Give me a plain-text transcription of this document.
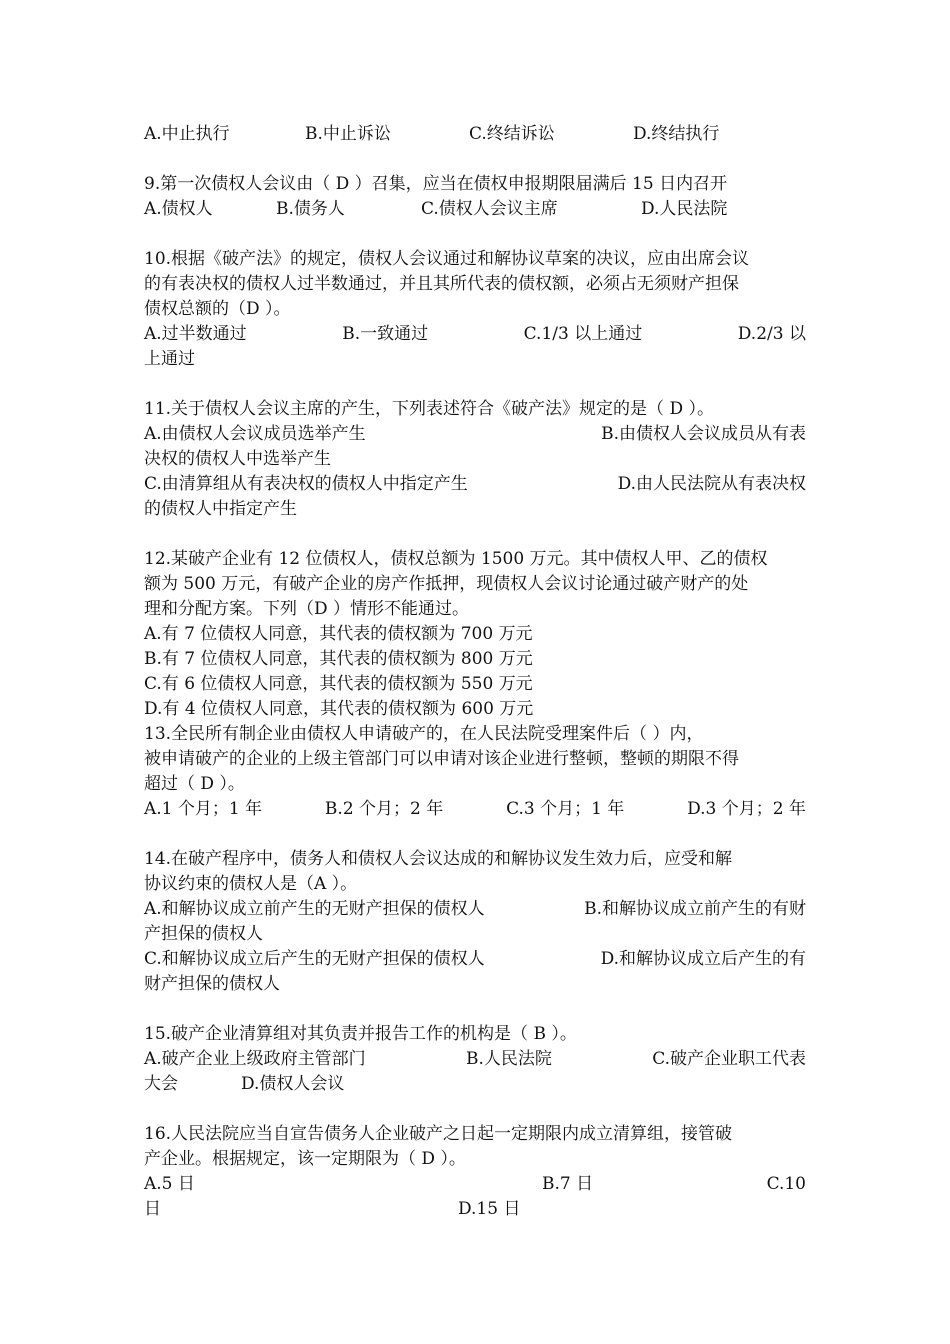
A.中止执行	B.中止诉讼	C.终结诉讼	D.终结执行
9.第一次债权人会议由（ D ）召集，应当在债权申报期限届满后 15 日内召开
A.债权人	B.债务人	C.债权人会议主席	D.人民法院
10.根据《破产法》的规定，债权人会议通过和解协议草案的决议，应由出席会议
的有表决权的债权人过半数通过，并且其所代表的债权额，必须占无须财产担保
债权总额的（D ）。
A.过半数通过	B.一致通过	C.1/3 以上通过	D.2/3 以
上通过
11.关于债权人会议主席的产生，下列表述符合《破产法》规定的是（ D ）。
A.由债权人会议成员选举产生	B.由债权人会议成员从有表
决权的债权人中选举产生
C.由清算组从有表决权的债权人中指定产生	D.由人民法院从有表决权
的债权人中指定产生
12.某破产企业有 12 位债权人，债权总额为 1500 万元。其中债权人甲、乙的债权
额为 500 万元，有破产企业的房产作抵押，现债权人会议讨论通过破产财产的处
理和分配方案。下列（D ）情形不能通过。
A.有 7 位债权人同意，其代表的债权额为 700 万元
B.有 7 位债权人同意，其代表的债权额为 800 万元
C.有 6 位债权人同意，其代表的债权额为 550 万元
D.有 4 位债权人同意，其代表的债权额为 600 万元
13.全民所有制企业由债权人申请破产的，在人民法院受理案件后（ ）内，
被申请破产的企业的上级主管部门可以申请对该企业进行整顿，整顿的期限不得
超过（ D ）。
A.1 个月；1 年	B.2 个月；2 年	C.3 个月；1 年	D.3 个月；2 年
14.在破产程序中，债务人和债权人会议达成的和解协议发生效力后，应受和解
协议约束的债权人是（A ）。
A.和解协议成立前产生的无财产担保的债权人	B.和解协议成立前产生的有财
产担保的债权人
C.和解协议成立后产生的无财产担保的债权人	D.和解协议成立后产生的有
财产担保的债权人
15.破产企业清算组对其负责并报告工作的机构是（ B ）。
A.破产企业上级政府主管部门	B.人民法院	C.破产企业职工代表
大会	D.债权人会议
16.人民法院应当自宣告债务人企业破产之日起一定期限内成立清算组，接管破
产企业。根据规定，该一定期限为（ D ）。
A.5 日	B.7 日	C.10
日	D.15 日
